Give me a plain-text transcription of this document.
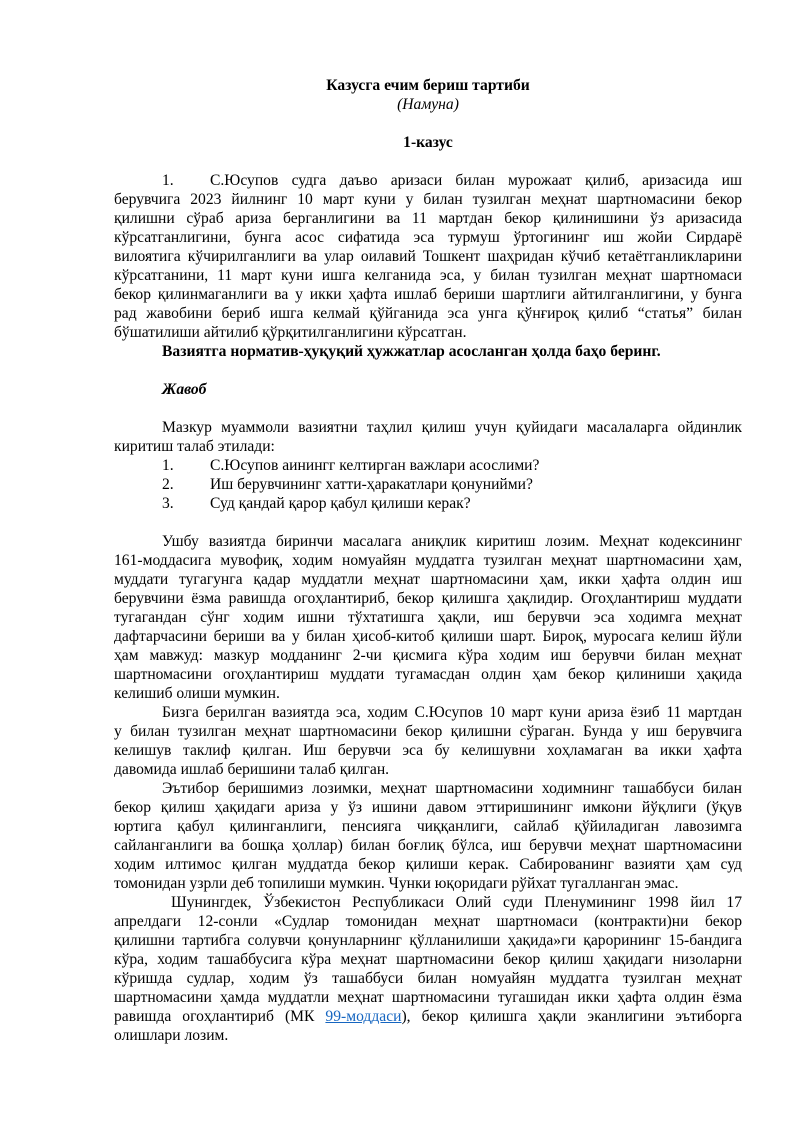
Казусга ечим бериш тартиби
(Намуна)
1-казус
1. С.Юсупов судга даъво аризаси билан мурожаат қилиб, аризасида иш
берувчига 2023 йилнинг 10 март куни у билан тузилган меҳнат шартномасини бекор
қилишни сўраб ариза берганлигини ва 11 мартдан бекор қилинишини ўз аризасида
кўрсатганлигини, бунга асос сифатида эса турмуш ўртогининг иш жойи Сирдарё
вилоятига кўчирилганлиги ва улар оилавий Тошкент шаҳридан кўчиб кетаётганликларини
кўрсатганини, 11 март куни ишга келганида эса, у билан тузилган меҳнат шартномаси
бекор қилинмаганлиги ва у икки ҳафта ишлаб бериши шартлиги айтилганлигини, у бунга
рад жавобини бериб ишга келмай қўйганида эса унга қўнғироқ қилиб “статья” билан
бўшатилиши айтилиб қўрқитилганлигини кўрсатган.
Вазиятга норматив-ҳуқуқий ҳужжатлар асосланган ҳолда баҳо беринг.
Жавоб
Мазкур муаммоли вазиятни таҳлил қилиш учун қуйидаги масалаларга ойдинлик
киритиш талаб этилади:
1. С.Юсупов аинингг келтирган важлари асослими?
2. Иш берувчининг хатти-ҳаракатлари қонунийми?
3. Суд қандай қарор қабул қилиши керак?
Ушбу вазиятда биринчи масалага аниқлик киритиш лозим. Меҳнат кодексининг
161-моддасига мувофиқ, ходим номуайян муддатга тузилган меҳнат шартномасини ҳам,
муддати тугагунга қадар муддатли меҳнат шартномасини ҳам, икки ҳафта олдин иш
берувчини ёзма равишда огоҳлантириб, бекор қилишга ҳақлидир. Огоҳлантириш муддати
тугагандан сўнг ходим ишни тўхтатишга ҳақли, иш берувчи эса ходимга меҳнат
дафтарчасини бериши ва у билан ҳисоб-китоб қилиши шарт. Бироқ, муросага келиш йўли
ҳам мавжуд: мазкур модданинг 2-чи қисмига кўра ходим иш берувчи билан меҳнат
шартномасини огоҳлантириш муддати тугамасдан олдин ҳам бекор қилиниши ҳақида
келишиб олиши мумкин.
Бизга берилган вазиятда эса, ходим С.Юсупов 10 март куни ариза ёзиб 11 мартдан
у билан тузилган меҳнат шартномасини бекор қилишни сўраган. Бунда у иш берувчига
келишув таклиф қилган. Иш берувчи эса бу келишувни хоҳламаган ва икки ҳафта
давомида ишлаб беришини талаб қилган.
Эътибор беришимиз лозимки, меҳнат шартномасини ходимнинг ташаббуси билан
бекор қилиш ҳақидаги ариза у ўз ишини давом эттиришининг имкони йўқлиги (ўқув
юртига қабул қилинганлиги, пенсияга чиққанлиги, сайлаб қўйиладиган лавозимга
сайланганлиги ва бошқа ҳоллар) билан боғлиқ бўлса, иш берувчи меҳнат шартномасини
ходим илтимос қилган муддатда бекор қилиши керак. Сабированинг вазияти ҳам суд
томонидан узрли деб топилиши мумкин. Чунки юқоридаги рўйхат тугалланган эмас.
Шунингдек, Ўзбекистон Республикаси Олий суди Пленумининг 1998 йил 17
апрелдаги 12-сонли «Судлар томонидан меҳнат шартномаси (контракти)ни бекор
қилишни тартибга солувчи қонунларнинг қўлланилиши ҳақида»ги қарорининг 15-бандига
кўра, ходим ташаббусига кўра меҳнат шартномасини бекор қилиш ҳақидаги низоларни
кўришда судлар, ходим ўз ташаббуси билан номуайян муддатга тузилган меҳнат
шартномасини ҳамда муддатли меҳнат шартномасини тугашидан икки ҳафта олдин ёзма
равишда огоҳлантириб (МК 99-моддаси), бекор қилишга ҳақли эканлигини эътиборга
олишлари лозим.
